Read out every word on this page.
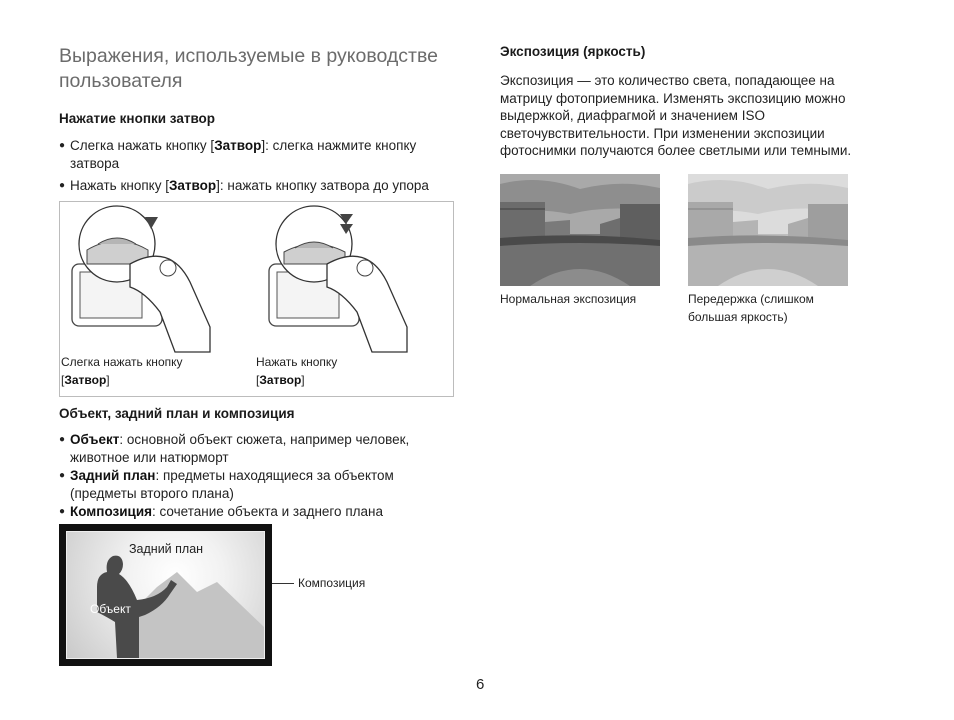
Выражения, используемые в руководстве пользователя
Нажатие кнопки затвор
● Слегка нажать кнопку [Затвор]: слегка нажмите кнопку затвора
● Нажать кнопку [Затвор]: нажать кнопку затвора до упора
Слегка нажать кнопку
[Затвор]
Нажать кнопку
[Затвор]
Объект, задний план и композиция
● Объект: основной объект сюжета, например человек, животное или натюрморт
● Задний план: предметы находящиеся за объектом (предметы второго плана)
● Композиция: сочетание объекта и заднего плана
Задний план
Объект
Композиция
Экспозиция (яркость)
Экспозиция — это количество света, попадающее на матрицу фотоприемника. Изменять экспозицию можно выдержкой, диафрагмой и значением ISO светочувствительности. При изменении экспозиции фотоснимки получаются более светлыми или темными.
Нормальная экспозиция	Передержка (слишком большая яркость)
6
